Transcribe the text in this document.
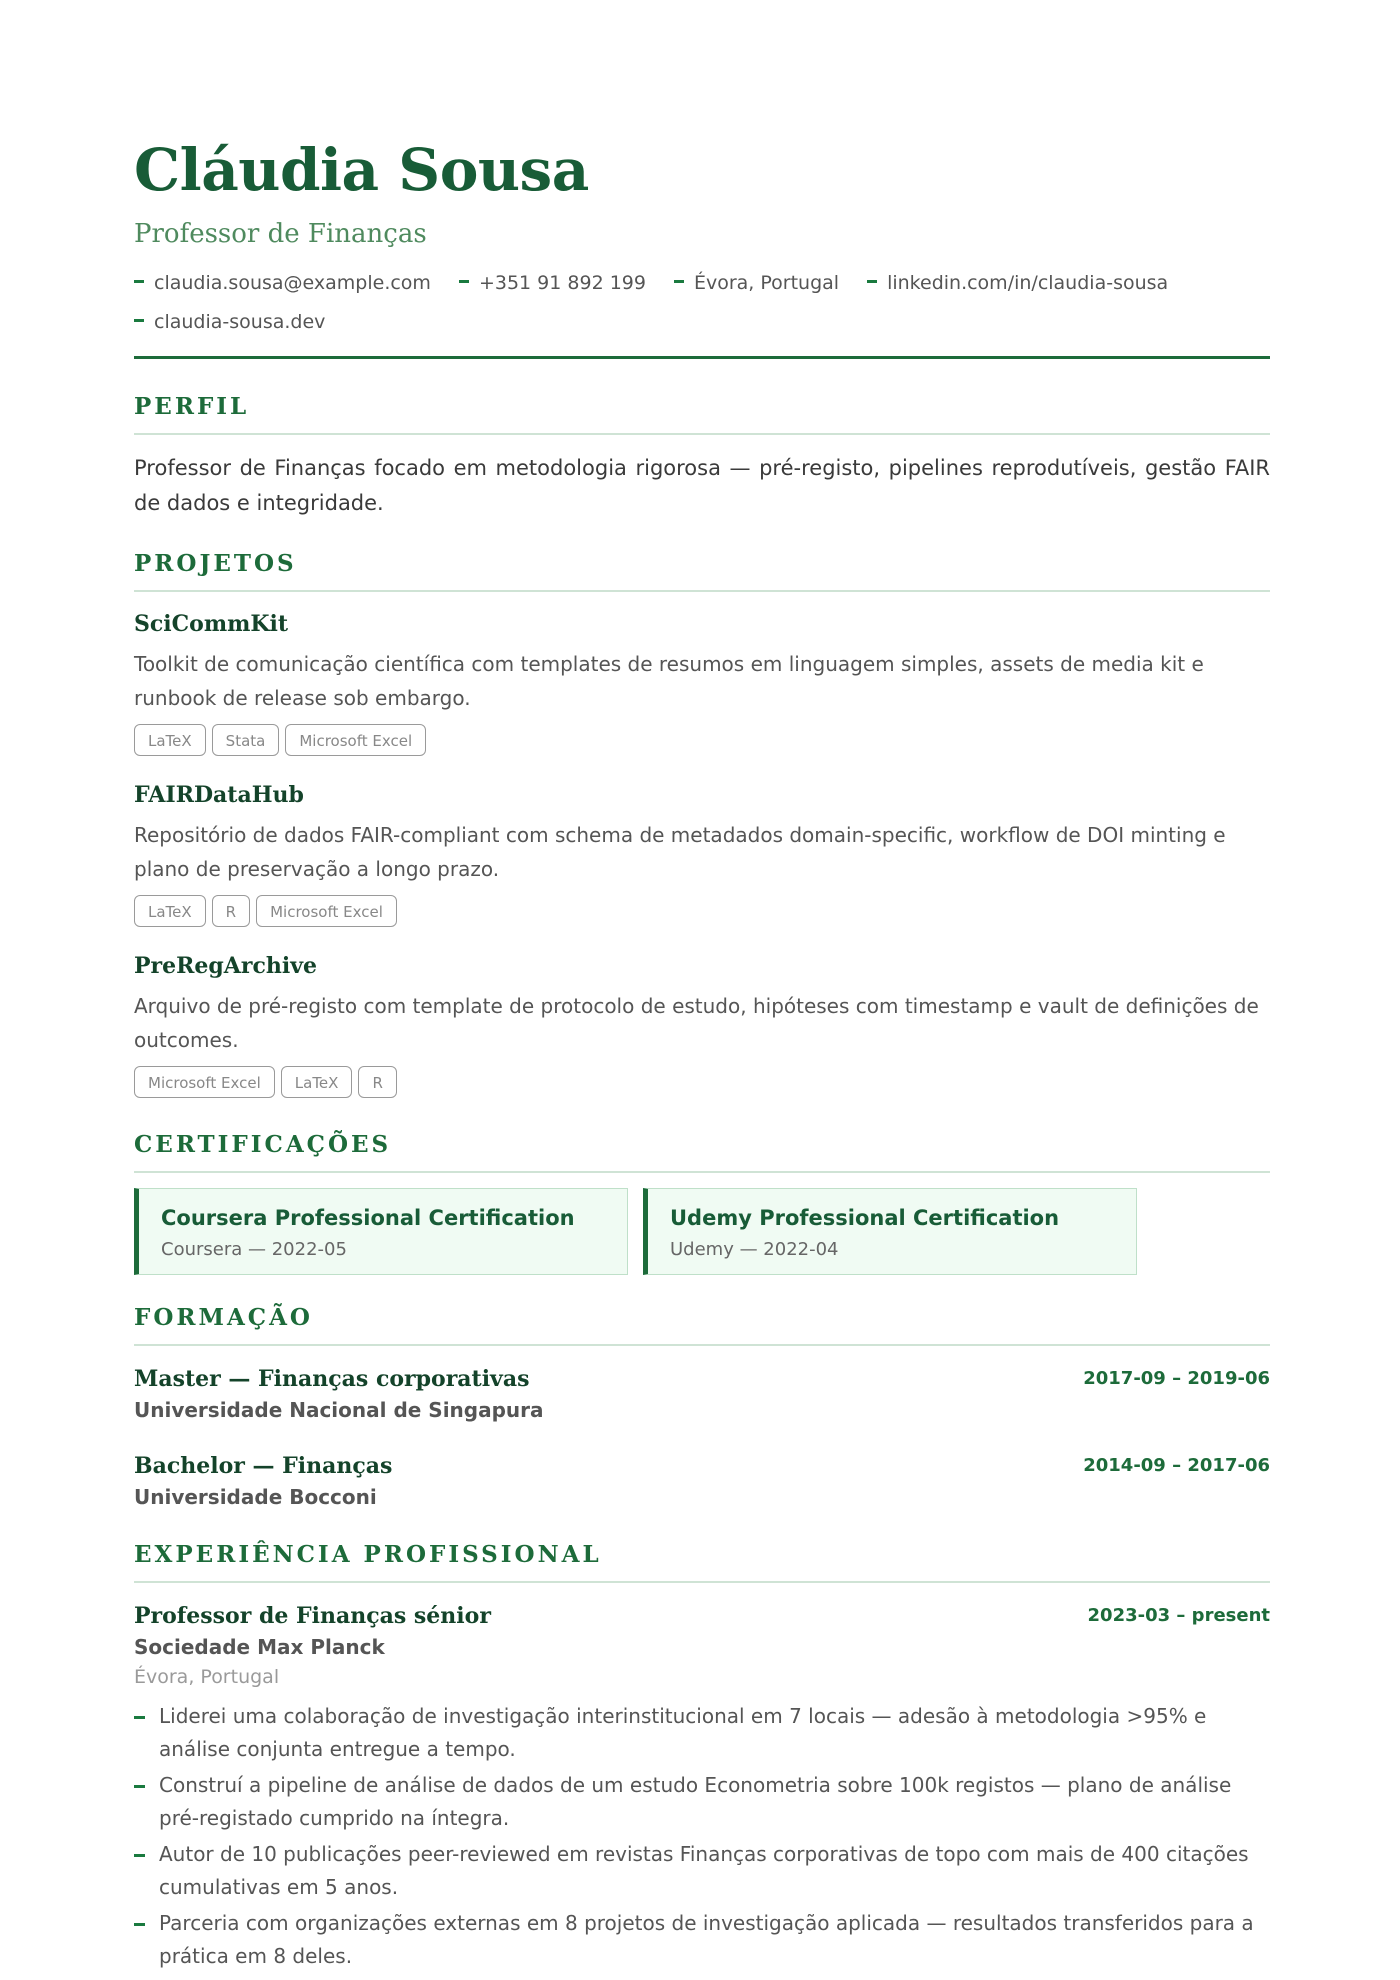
Cláudia Sousa
Professor de Finanças
claudia.sousa@example.com	+351 91 892 199	Évora, Portugal	linkedin.com/in/claudia-sousa
claudia-sousa.dev
PERFIL
Professor de Finanças focado em metodologia rigorosa — pré-registo, pipelines reprodutíveis, gestão FAIR de dados e integridade.
PROJETOS
SciCommKit
Toolkit de comunicação científica com templates de resumos em linguagem simples, assets de media kit e runbook de release sob embargo.
LaTeX Stata Microsoft Excel
FAIRDataHub
Repositório de dados FAIR-compliant com schema de metadados domain-specific, workflow de DOI minting e plano de preservação a longo prazo.
LaTeX R Microsoft Excel
PreRegArchive
Arquivo de pré-registo com template de protocolo de estudo, hipóteses com timestamp e vault de definições de outcomes.
Microsoft Excel LaTeX R
CERTIFICAÇÕES
Coursera Professional Certification
Coursera — 2022-05
Udemy Professional Certification
Udemy — 2022-04
FORMAÇÃO
Master — Finanças corporativas	2017-09 – 2019-06
Universidade Nacional de Singapura
Bachelor — Finanças	2014-09 – 2017-06
Universidade Bocconi
EXPERIÊNCIA PROFISSIONAL
Professor de Finanças sénior	2023-03 – present
Sociedade Max Planck
Évora, Portugal
Liderei uma colaboração de investigação interinstitucional em 7 locais — adesão à metodologia >95% e análise conjunta entregue a tempo.
Construí a pipeline de análise de dados de um estudo Econometria sobre 100k registos — plano de análise pré-registado cumprido na íntegra.
Autor de 10 publicações peer-reviewed em revistas Finanças corporativas de topo com mais de 400 citações cumulativas em 5 anos.
Parceria com organizações externas em 8 projetos de investigação aplicada — resultados transferidos para a prática em 8 deles.
